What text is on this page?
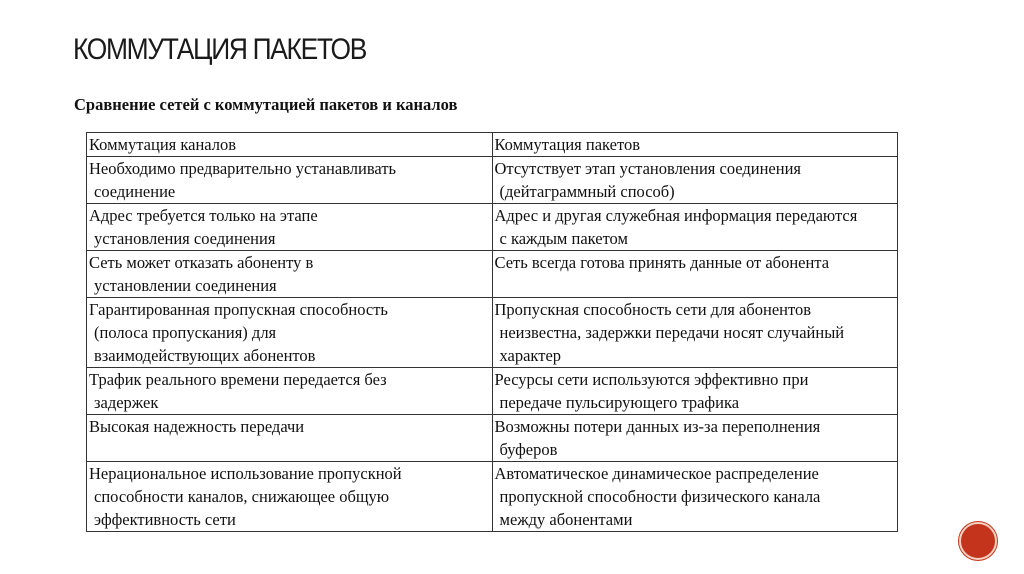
КОММУТАЦИЯ ПАКЕТОВ
Сравнение сетей с коммутацией пакетов и каналов
Коммутация каналов	Коммутация пакетов

Необходимо предварительно устанавливать
соединение	Отсутствует этап установления соединения
(дейтаграммный способ)

Адрес требуется только на этапе
установления соединения	Адрес и другая служебная информация передаются
с каждым пакетом

Сеть может отказать абоненту в
установлении соединения	Сеть всегда готова принять данные от абонента

Гарантированная пропускная способность
(полоса пропускания) для
взаимодействующих абонентов	Пропускная способность сети для абонентов
неизвестна, задержки передачи носят случайный
характер

Трафик реального времени передается без
задержек	Ресурсы сети используются эффективно при
передаче пульсирующего трафика

Высокая надежность передачи	Возможны потери данных из-за переполнения
буферов

Нерациональное использование пропускной
способности каналов, снижающее общую
эффективность сети	Автоматическое динамическое распределение
пропускной способности физического канала
между абонентами
